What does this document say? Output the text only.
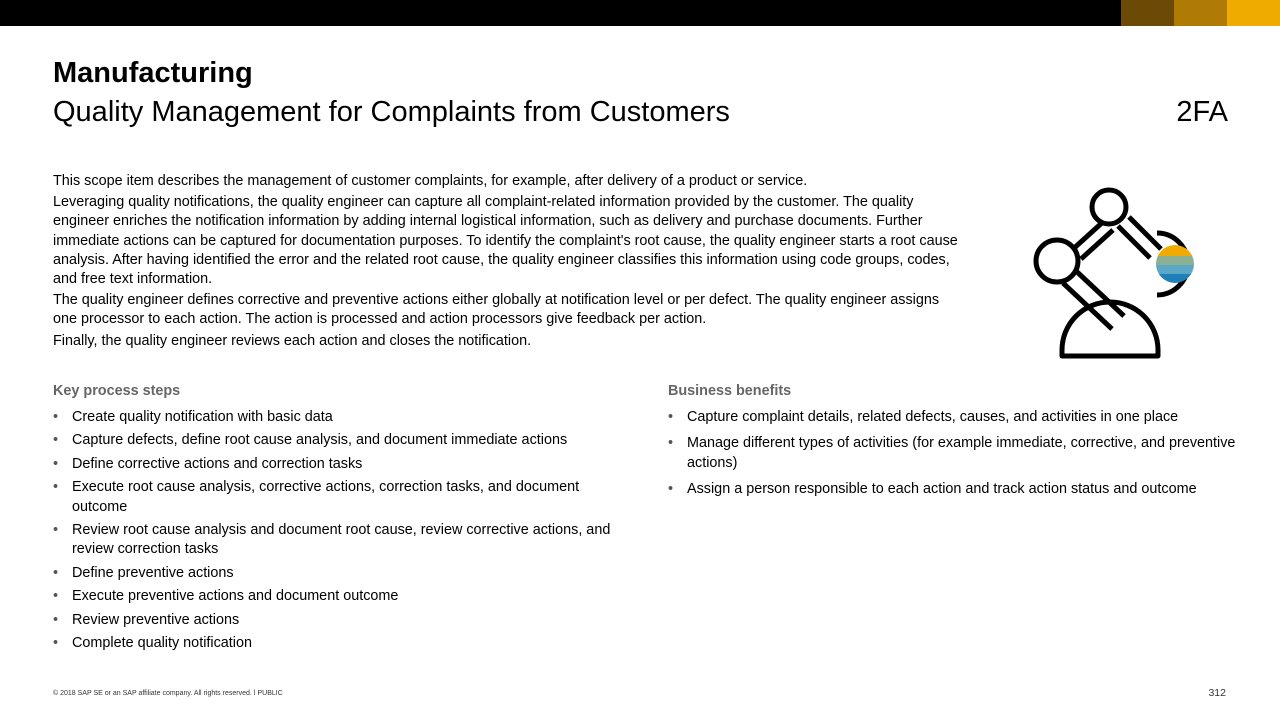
Manufacturing
Quality Management for Complaints from Customers	2FA

This scope item describes the management of customer complaints, for example, after delivery of a product or service.

Leveraging quality notifications, the quality engineer can capture all complaint-related information provided by the customer. The quality engineer enriches the notification information by adding internal logistical information, such as delivery and purchase documents. Further immediate actions can be captured for documentation purposes. To identify the complaint's root cause, the quality engineer starts a root cause analysis. After having identified the error and the related root cause, the quality engineer classifies this information using code groups, codes, and free text information.

The quality engineer defines corrective and preventive actions either globally at notification level or per defect. The quality engineer assigns one processor to each action. The action is processed and action processors give feedback per action.

Finally, the quality engineer reviews each action and closes the notification.

Key process steps
• Create quality notification with basic data
• Capture defects, define root cause analysis, and document immediate actions
• Define corrective actions and correction tasks
• Execute root cause analysis, corrective actions, correction tasks, and document outcome
• Review root cause analysis and document root cause, review corrective actions, and review correction tasks
• Define preventive actions
• Execute preventive actions and document outcome
• Review preventive actions
• Complete quality notification
Business benefits
• Capture complaint details, related defects, causes, and activities in one place
• Manage different types of activities (for example immediate, corrective, and preventive actions)
• Assign a person responsible to each action and track action status and outcome
© 2018 SAP SE or an SAP affiliate company. All rights reserved. ǀ PUBLIC	312
